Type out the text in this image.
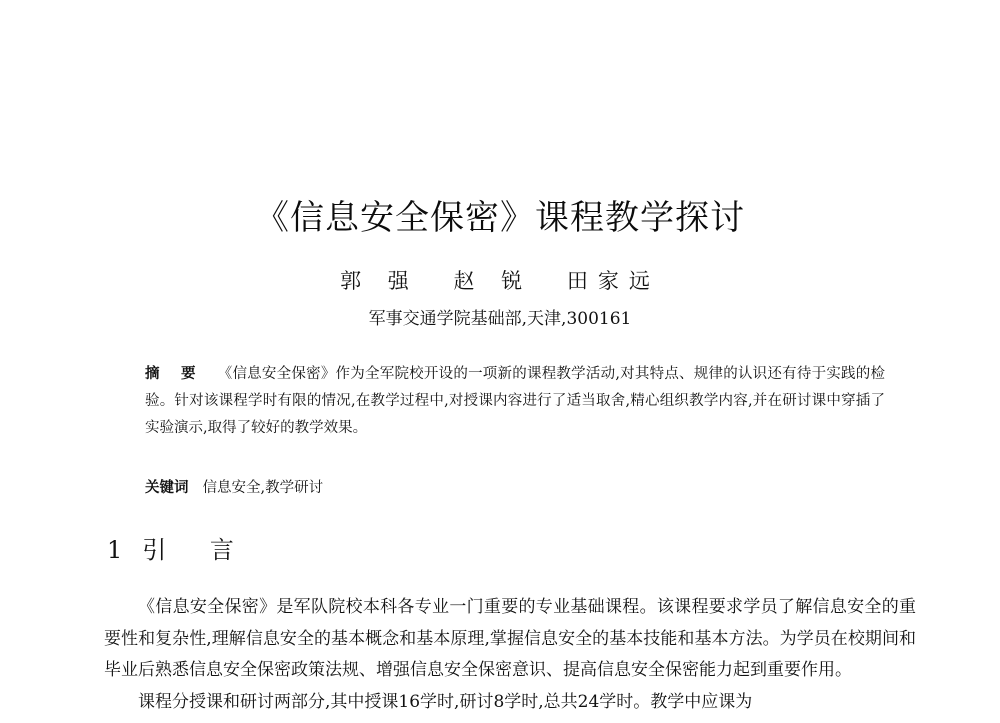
《信息安全保密》课程教学探讨
郭 强 赵 锐 田家远
军事交通学院基础部,天津,300161
摘 要 《信息安全保密》作为全军院校开设的一项新的课程教学活动,对其特点、规律的认识还有待于实践的检验。针对该课程学时有限的情况,在教学过程中,对授课内容进行了适当取舍,精心组织教学内容,并在研讨课中穿插了实验演示,取得了较好的教学效果。
关键词 信息安全,教学研讨
1 引 言

《信息安全保密》是军队院校本科各专业一门重要的专业基础课程。该课程要求学员了解信息安全的重要性和复杂性,理解信息安全的基本概念和基本原理,掌握信息安全的基本技能和基本方法。为学员在校期间和毕业后熟悉信息安全保密政策法规、增强信息安全保密意识、提高信息安全保密能力起到重要作用。

课程分授课和研讨两部分,其中授课16学时,研讨8学时,总共24学时。教学中应课为
